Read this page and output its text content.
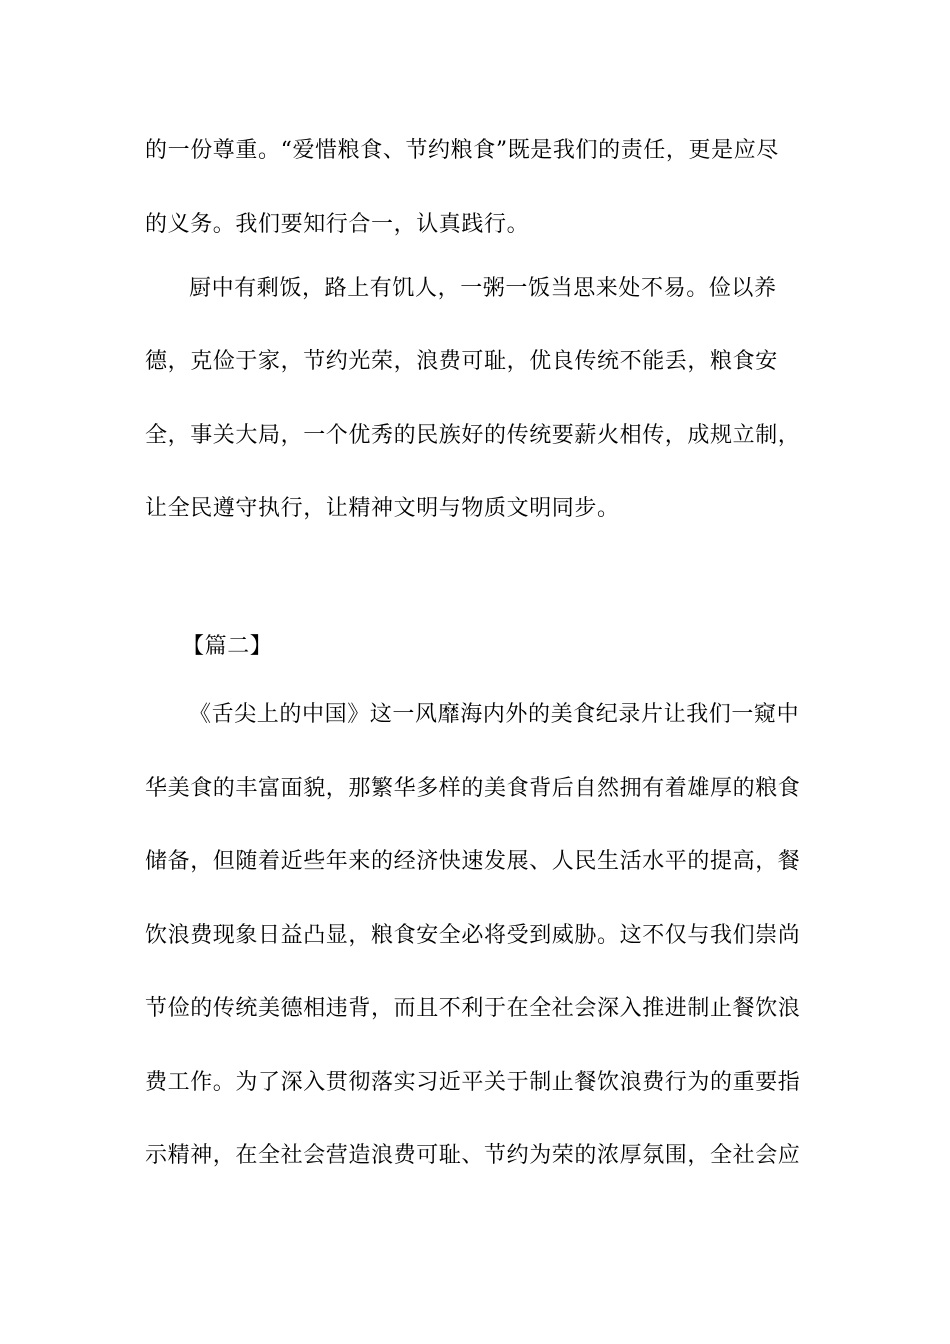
的一份尊重。“爱惜粮食、节约粮食”既是我们的责任，更是应尽
的义务。我们要知行合一，认真践行。
厨中有剩饭，路上有饥人，一粥一饭当思来处不易。俭以养
德，克俭于家，节约光荣，浪费可耻，优良传统不能丢，粮食安
全，事关大局，一个优秀的民族好的传统要薪火相传，成规立制，
让全民遵守执行，让精神文明与物质文明同步。
【篇二】
《舌尖上的中国》这一风靡海内外的美食纪录片让我们一窥中
华美食的丰富面貌，那繁华多样的美食背后自然拥有着雄厚的粮食
储备，但随着近些年来的经济快速发展、人民生活水平的提高，餐
饮浪费现象日益凸显，粮食安全必将受到威胁。这不仅与我们崇尚
节俭的传统美德相违背，而且不利于在全社会深入推进制止餐饮浪
费工作。为了深入贯彻落实习近平关于制止餐饮浪费行为的重要指
示精神，在全社会营造浪费可耻、节约为荣的浓厚氛围，全社会应
